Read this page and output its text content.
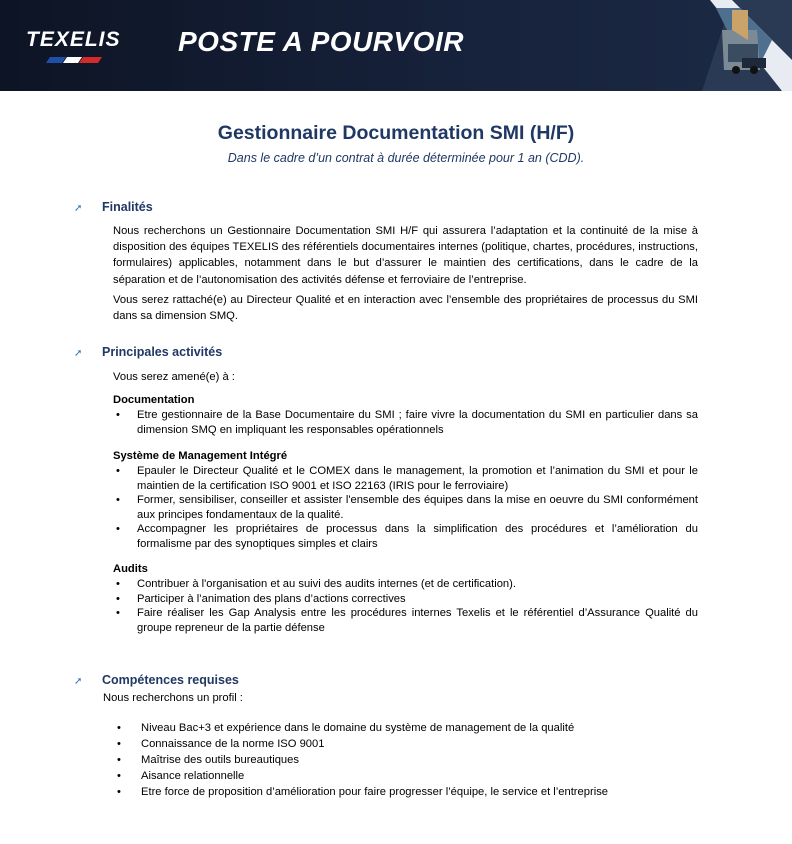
TEXELIS POSTE A POURVOIR
Gestionnaire Documentation SMI (H/F)
Dans le cadre d’un contrat à durée déterminée pour 1 an (CDD).
➚ Finalités
Nous recherchons un Gestionnaire Documentation SMI H/F qui assurera l’adaptation et la continuité de la mise à disposition des équipes TEXELIS des référentiels documentaires internes (politique, chartes, procédures, instructions, formulaires) applicables, notamment dans le but d’assurer le maintien des certifications, dans le cadre de la séparation et de l’autonomisation des activités défense et ferroviaire de l’entreprise.
Vous serez rattaché(e) au Directeur Qualité et en interaction avec l’ensemble des propriétaires de processus du SMI dans sa dimension SMQ.
➚ Principales activités
Vous serez amené(e) à :
Documentation
• Etre gestionnaire de la Base Documentaire du SMI ; faire vivre la documentation du SMI en particulier dans sa dimension SMQ en impliquant les responsables opérationnels
Système de Management Intégré
• Epauler le Directeur Qualité et le COMEX dans le management, la promotion et l’animation du SMI et pour le maintien de la certification ISO 9001 et ISO 22163 (IRIS pour le ferroviaire)
• Former, sensibiliser, conseiller et assister l'ensemble des équipes dans la mise en oeuvre du SMI conformément aux principes fondamentaux de la qualité.
• Accompagner les propriétaires de processus dans la simplification des procédures et l’amélioration du formalisme par des synoptiques simples et clairs
Audits
• Contribuer à l'organisation et au suivi des audits internes (et de certification).
• Participer à l’animation des plans d’actions correctives
• Faire réaliser les Gap Analysis entre les procédures internes Texelis et le référentiel d’Assurance Qualité du groupe repreneur de la partie défense
➚ Compétences requises
Nous recherchons un profil :
• Niveau Bac+3 et expérience dans le domaine du système de management de la qualité
• Connaissance de la norme ISO 9001
• Maîtrise des outils bureautiques
• Aisance relationnelle
• Etre force de proposition d’amélioration pour faire progresser l’équipe, le service et l’entreprise
